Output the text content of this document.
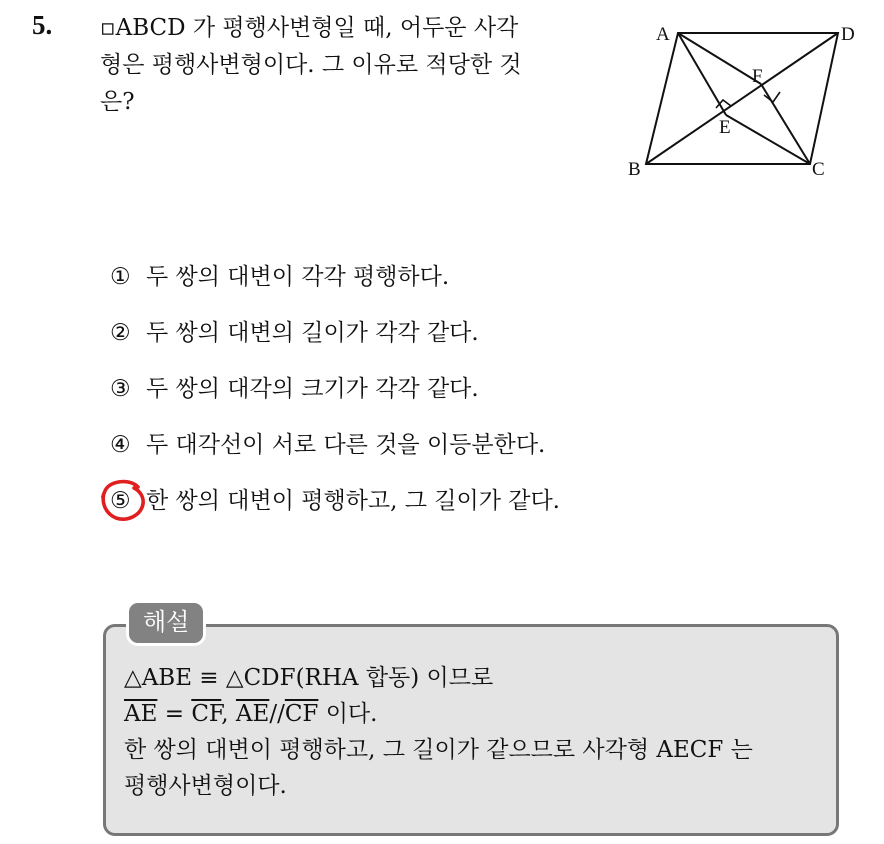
5. ▫ABCD 가 평행사변형일 때, 어두운 사각
형은 평행사변형이다. 그 이유로 적당한 것
은?
A	D
F
E
B	C
① 두 쌍의 대변이 각각 평행하다.
② 두 쌍의 대변의 길이가 각각 같다.
③ 두 쌍의 대각의 크기가 각각 같다.
④ 두 대각선이 서로 다른 것을 이등분한다.
⑤ 한 쌍의 대변이 평행하고, 그 길이가 같다.
해설
△ABE ≡ △CDF(RHA 합동) 이므로
$\overline{AE} = \overline{CF}$, $\overline{AE}//\overline{CF}$ 이다.
한 쌍의 대변이 평행하고, 그 길이가 같으므로 사각형 AECF 는
평행사변형이다.
